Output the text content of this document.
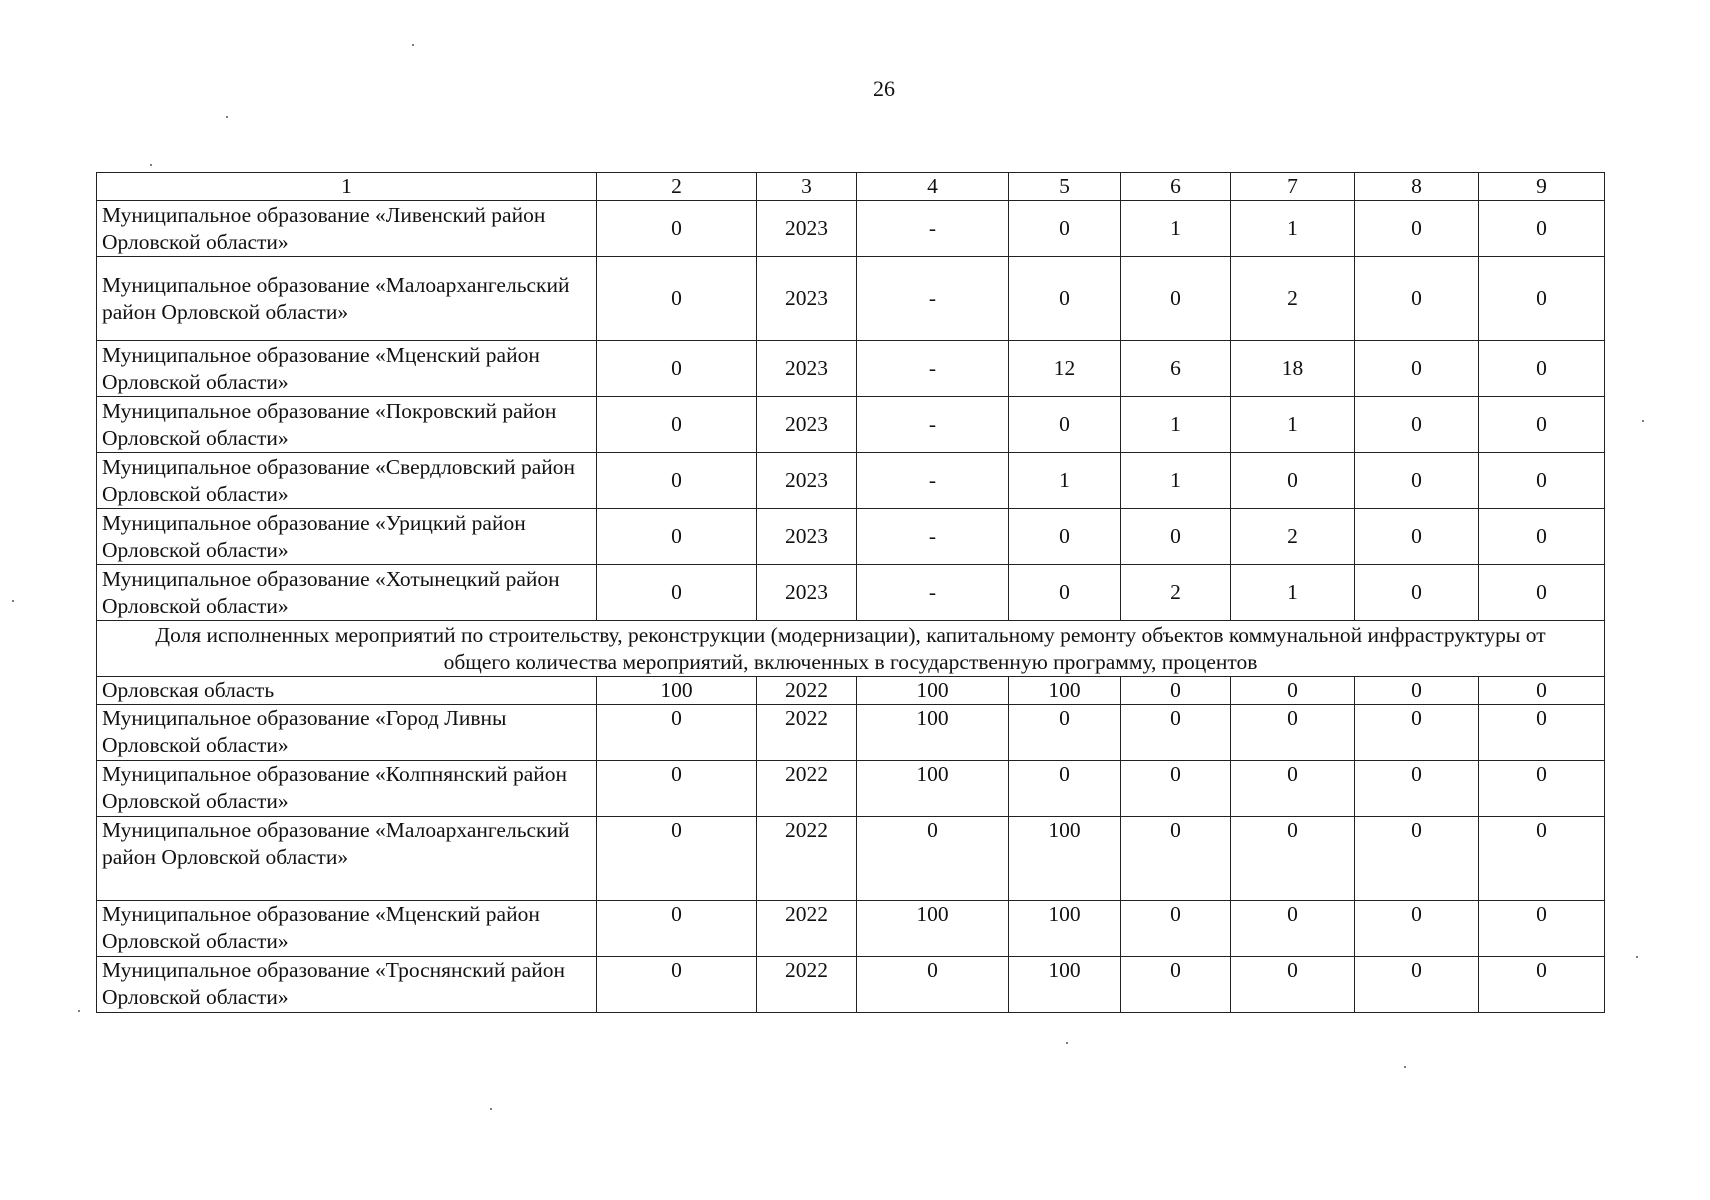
26
1	2	3	4	5	6	7	8	9
Муниципальное образование «Ливенский район Орловской области»	0	2023	-	0	1	1	0	0
Муниципальное образование «Малоархангельский район Орловской области»	0	2023	-	0	0	2	0	0
Муниципальное образование «Мценский район Орловской области»	0	2023	-	12	6	18	0	0
Муниципальное образование «Покровский район Орловской области»	0	2023	-	0	1	1	0	0
Муниципальное образование «Свердловский район Орловской области»	0	2023	-	1	1	0	0	0
Муниципальное образование «Урицкий район Орловской области»	0	2023	-	0	0	2	0	0
Муниципальное образование «Хотынецкий район Орловской области»	0	2023	-	0	2	1	0	0
Доля исполненных мероприятий по строительству, реконструкции (модернизации), капитальному ремонту объектов коммунальной инфраструктуры от общего количества мероприятий, включенных в государственную программу, процентов								
Орловская область	100	2022	100	100	0	0	0	0
Муниципальное образование «Город Ливны Орловской области»	0	2022	100	0	0	0	0	0
Муниципальное образование «Колпнянский район Орловской области»	0	2022	100	0	0	0	0	0
Муниципальное образование «Малоархангельский район Орловской области»	0	2022	0	100	0	0	0	0
Муниципальное образование «Мценский район Орловской области»	0	2022	100	100	0	0	0	0
Муниципальное образование «Троснянский район Орловской области»	0	2022	0	100	0	0	0	0
